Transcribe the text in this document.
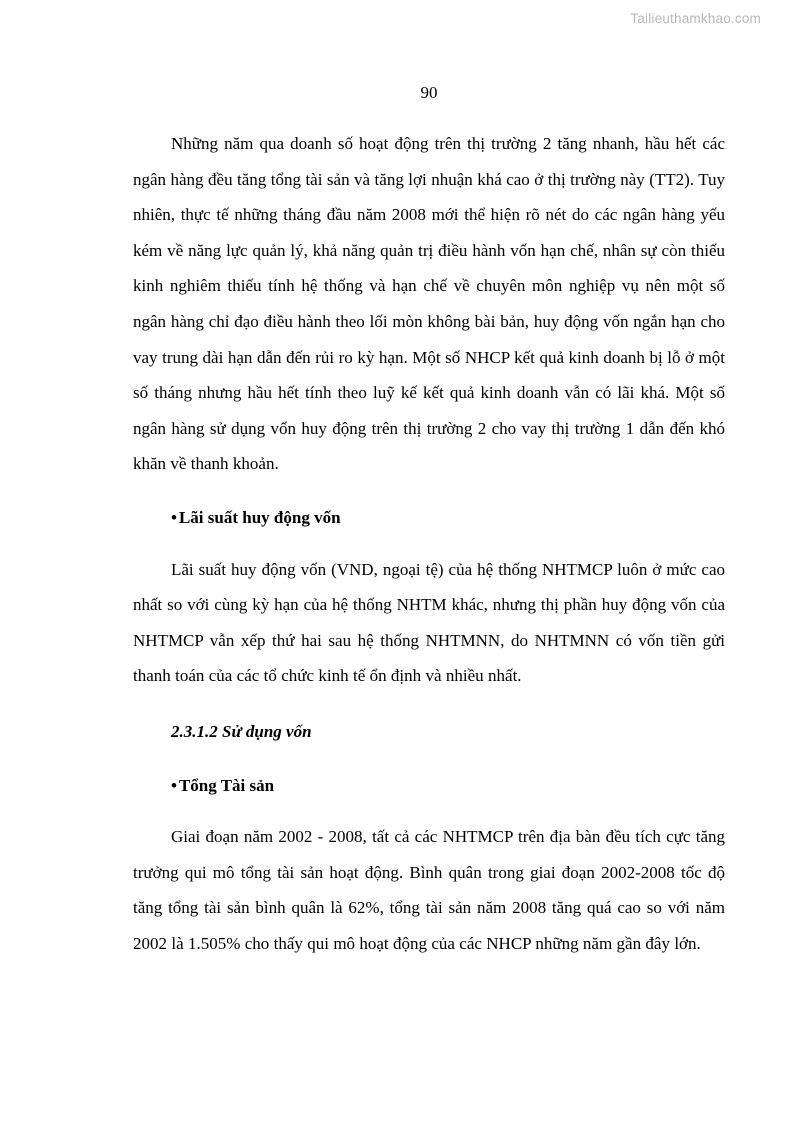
Tailieuthamkhao.com
90

Những năm qua doanh số hoạt động trên thị trường 2 tăng nhanh, hầu hết các ngân hàng đều tăng tổng tài sản và tăng lợi nhuận khá cao ở thị trường này (TT2). Tuy nhiên, thực tế những tháng đầu năm 2008 mới thể hiện rõ nét do các ngân hàng yếu kém về năng lực quản lý, khả năng quản trị điều hành vốn hạn chế, nhân sự còn thiếu kinh nghiêm thiếu tính hệ thống và hạn chế về chuyên môn nghiệp vụ nên một số ngân hàng chỉ đạo điều hành theo lối mòn không bài bản, huy động vốn ngắn hạn cho vay trung dài hạn dẫn đến rủi ro kỳ hạn. Một số NHCP kết quả kinh doanh bị lỗ ở một số tháng nhưng hầu hết tính theo luỹ kế kết quả kinh doanh vẫn có lãi khá. Một số ngân hàng sử dụng vốn huy động trên thị trường 2 cho vay thị trường 1 dẫn đến khó khăn về thanh khoản.

• Lãi suất huy động vốn

Lãi suất huy động vốn (VND, ngoại tệ) của hệ thống NHTMCP luôn ở mức cao nhất so với cùng kỳ hạn của hệ thống NHTM khác, nhưng thị phần huy động vốn của NHTMCP vẫn xếp thứ hai sau hệ thống NHTMNN, do NHTMNN có vốn tiền gửi thanh toán của các tổ chức kinh tế ổn định và nhiều nhất.

2.3.1.2 Sử dụng vốn

• Tổng Tài sản

Giai đoạn năm 2002 - 2008, tất cả các NHTMCP trên địa bàn đều tích cực tăng trưởng qui mô tổng tài sản hoạt động. Bình quân trong giai đoạn 2002-2008 tốc độ tăng tổng tài sản bình quân là 62%, tổng tài sản năm 2008 tăng quá cao so với năm 2002 là 1.505% cho thấy qui mô hoạt động của các NHCP những năm gần đây lớn.
